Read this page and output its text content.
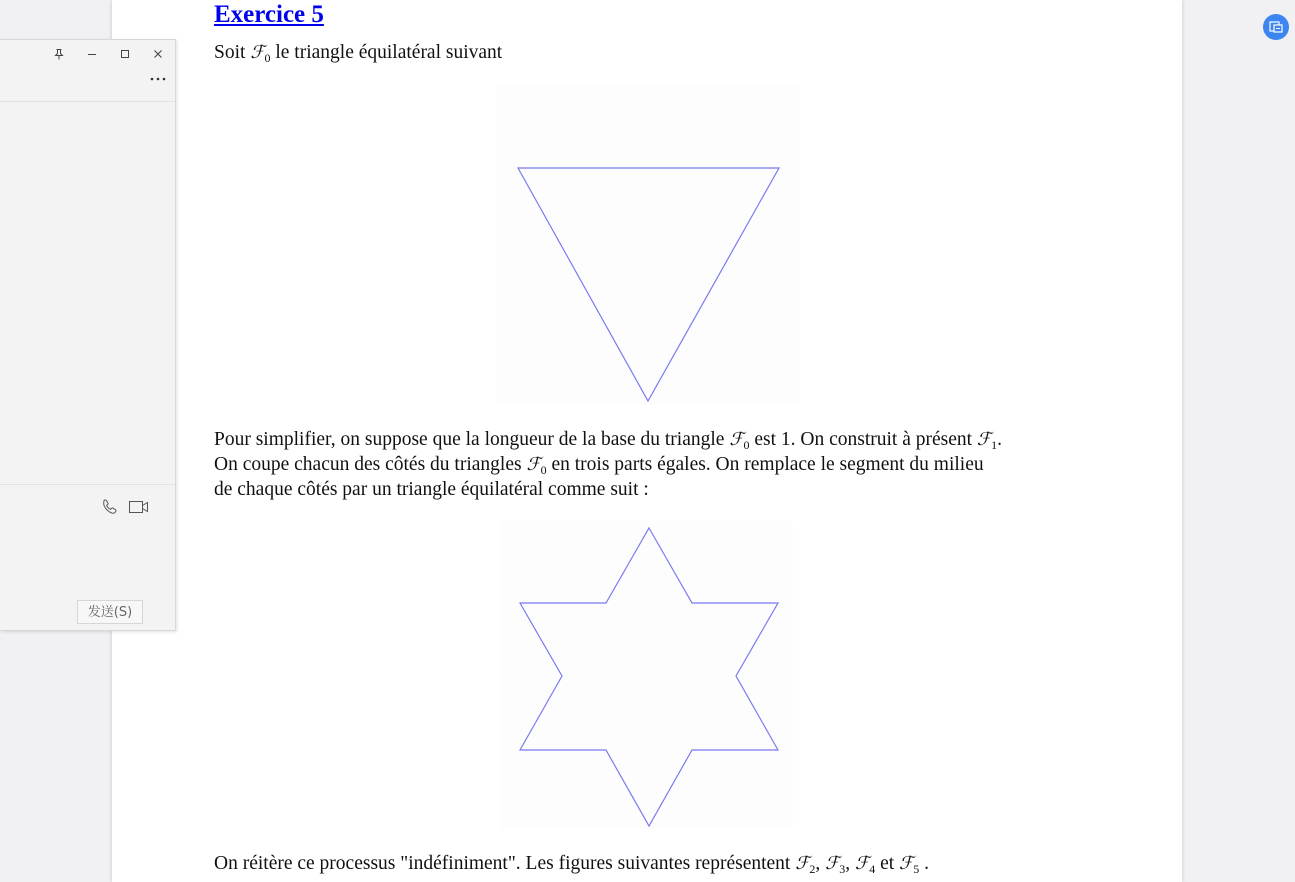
Exercice 5
Soit ℱ$_0$ le triangle équilatéral suivant
Pour simplifier, on suppose que la longueur de la base du triangle ℱ$_0$ est 1. On construit à présent ℱ$_1$.
On coupe chacun des côtés du triangles ℱ$_0$ en trois parts égales. On remplace le segment du milieu
de chaque côtés par un triangle équilatéral comme suit :
On réitère ce processus "indéfiniment". Les figures suivantes représentent ℱ$_2$, ℱ$_3$, ℱ$_4$ et ℱ$_5$ .
发送(S)
